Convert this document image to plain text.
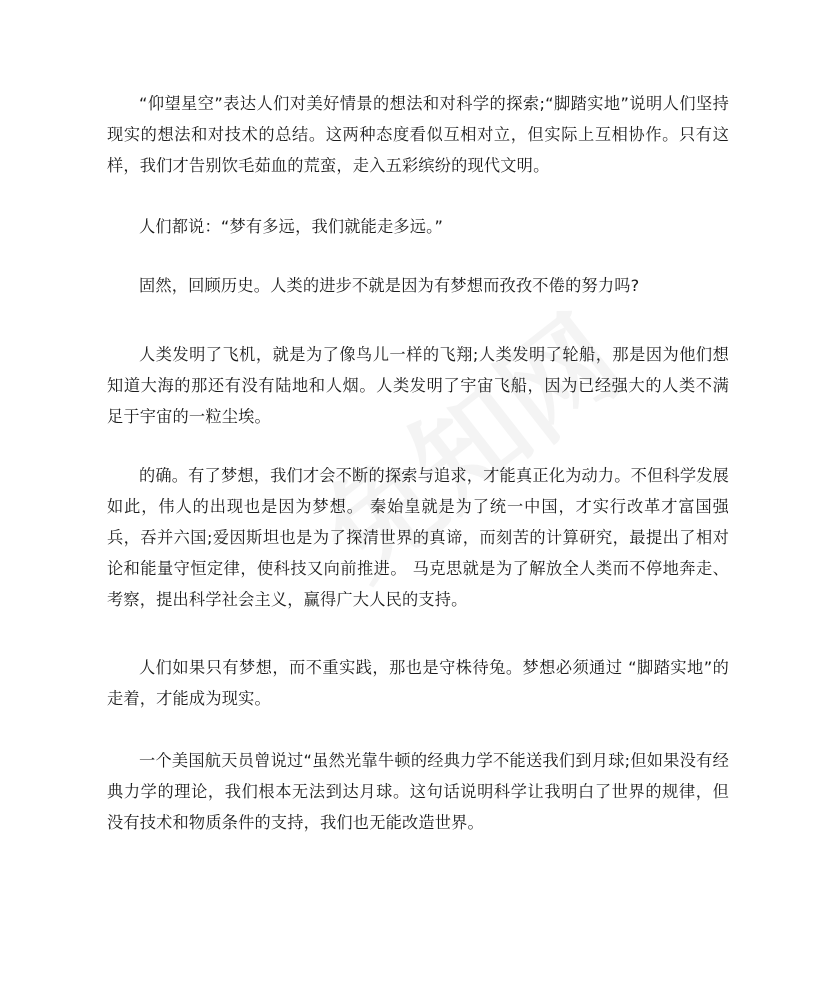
“仰望星空”表达人们对美好情景的想法和对科学的探索;“脚踏实地”说明人们坚持现实的想法和对技术的总结。这两种态度看似互相对立，但实际上互相协作。只有这样，我们才告别饮毛茹血的荒蛮，走入五彩缤纷的现代文明。

人们都说：“梦有多远，我们就能走多远。”

固然，回顾历史。人类的进步不就是因为有梦想而孜孜不倦的努力吗?

人类发明了飞机，就是为了像鸟儿一样的飞翔;人类发明了轮船，那是因为他们想知道大海的那还有没有陆地和人烟。人类发明了宇宙飞船，因为已经强大的人类不满足于宇宙的一粒尘埃。

的确。有了梦想，我们才会不断的探索与追求，才能真正化为动力。不但科学发展如此，伟人的出现也是因为梦想。 秦始皇就是为了统一中国，才实行改革才富国强兵，吞并六国;爱因斯坦也是为了探清世界的真谛，而刻苦的计算研究，最提出了相对论和能量守恒定律，使科技又向前推进。 马克思就是为了解放全人类而不停地奔走、考察，提出科学社会主义，赢得广大人民的支持。

人们如果只有梦想，而不重实践，那也是守株待兔。梦想必须通过 “脚踏实地”的走着，才能成为现实。

一个美国航天员曾说过“虽然光靠牛顿的经典力学不能送我们到月球;但如果没有经典力学的理论，我们根本无法到达月球。这句话说明科学让我明白了世界的规律，但没有技术和物质条件的支持，我们也无能改造世界。
